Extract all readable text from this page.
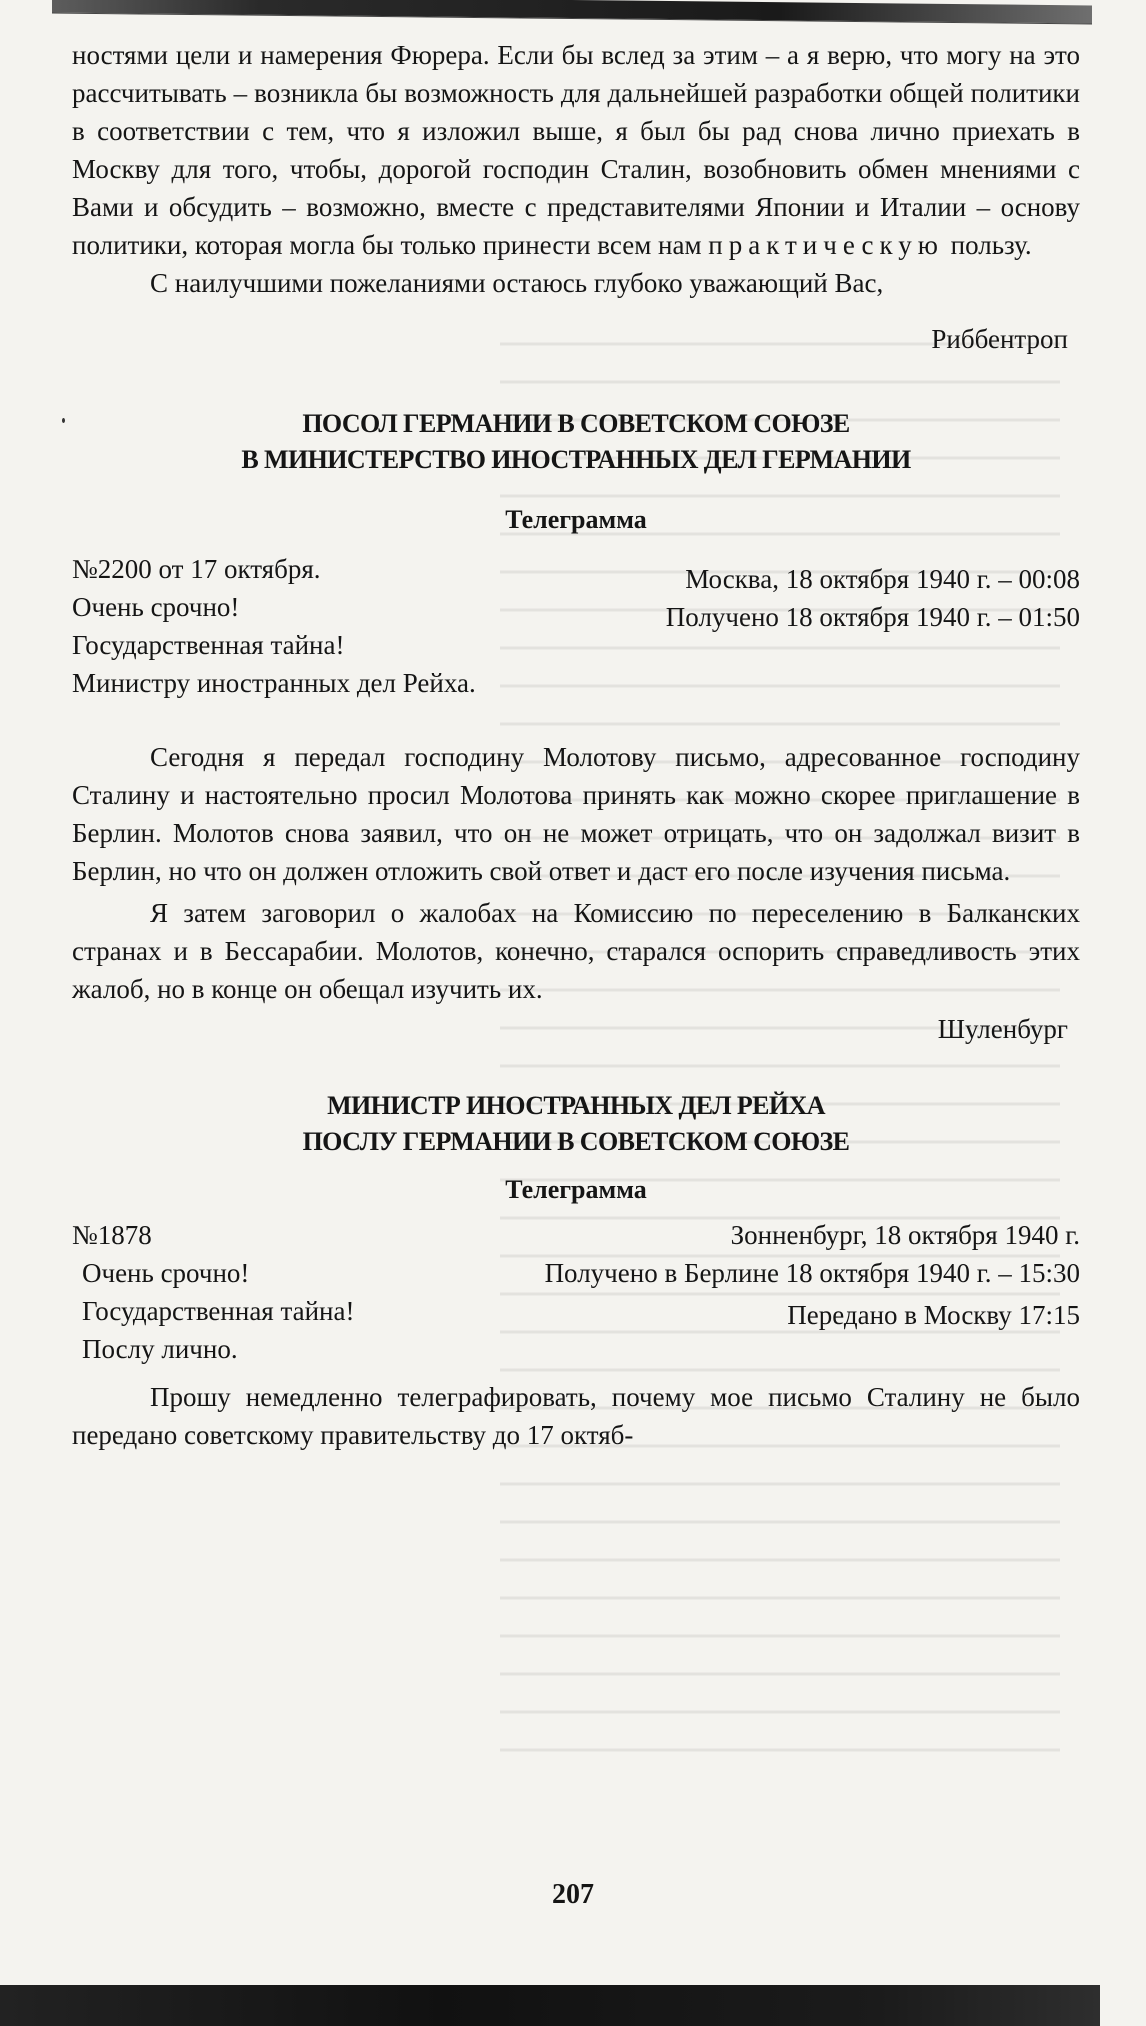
ностями цели и намерения Фюрера. Если бы вслед за этим – а я верю, что могу на это рассчитывать – возникла бы возможность для дальнейшей разработки общей политики в соответствии с тем, что я изложил выше, я был бы рад снова лично приехать в Москву для того, чтобы, дорогой господин Сталин, возобновить обмен мнениями с Вами и обсудить – возможно, вместе с представителями Японии и Италии – основу политики, которая могла бы только принести всем нам практическую пользу.

С наилучшими пожеланиями остаюсь глубоко уважающий Вас,

Риббентроп

ПОСОЛ ГЕРМАНИИ В СОВЕТСКОМ СОЮЗЕ
В МИНИСТЕРСТВО ИНОСТРАННЫХ ДЕЛ ГЕРМАНИИ
Телеграмма
Москва, 18 октября 1940 г. – 00:08
Получено 18 октября 1940 г. – 01:50
№2200 от 17 октября.
Очень срочно!
Государственная тайна!
Министру иностранных дел Рейха.

Сегодня я передал господину Молотову письмо, адресованное господину Сталину и настоятельно просил Молотова принять как можно скорее приглашение в Берлин. Молотов снова заявил, что он не может отрицать, что он задолжал визит в Берлин, но что он должен отложить свой ответ и даст его после изучения письма.

Я затем заговорил о жалобах на Комиссию по переселению в Балканских странах и в Бессарабии. Молотов, конечно, старался оспорить справедливость этих жалоб, но в конце он обещал изучить их.

Шуленбург

МИНИСТР ИНОСТРАННЫХ ДЕЛ РЕЙХА
ПОСЛУ ГЕРМАНИИ В СОВЕТСКОМ СОЮЗЕ
Телеграмма
Зонненбург, 18 октября 1940 г.
Получено в Берлине 18 октября 1940 г. – 15:30
Передано в Москву 17:15
№1878
Очень срочно!
Государственная тайна!
Послу лично.

Прошу немедленно телеграфировать, почему мое письмо Сталину не было передано советскому правительству до 17 октяб-

207
